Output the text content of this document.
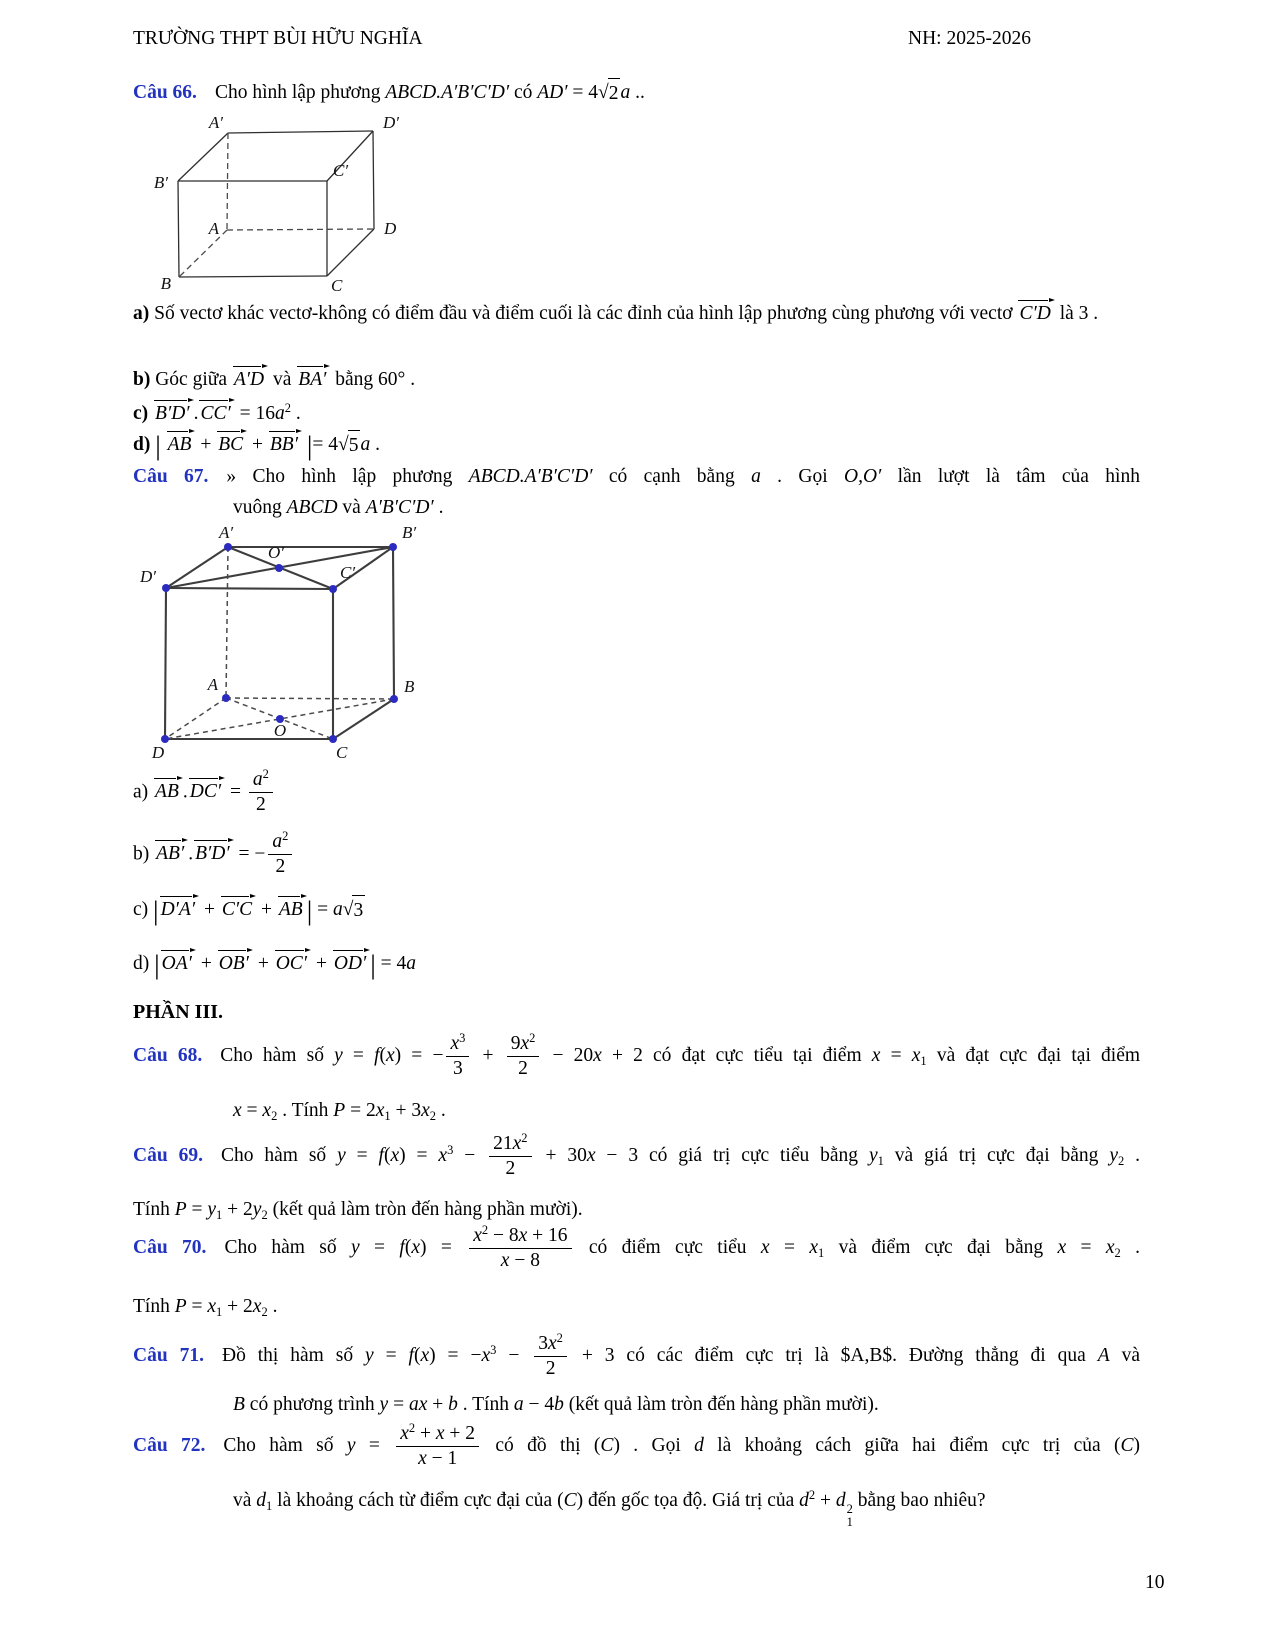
TRƯỜNG THPT BÙI HỮU NGHĨA	NH: 2025-2026
Câu 66. Cho hình lập phương ABCD.A′B′C′D′ có AD′ = 4 √ 2 a ..
A′	D′
B′
C′
A	D
B	C
a) Số vectơ khác vectơ-không có điểm đầu và điểm cuối là các đỉnh của hình lập phương cùng phương với vectơ C′D là 3 .
b) Góc giữa A′D và BA′ bằng 60° .
c) B′D′ . $CC' = 16a^2$ .
d) | AB + BC + BB′ |= 4 √ 5 a .
Câu 67. » Cho hình lập phương ABCD.A′B′C′D′ có cạnh bằng a . Gọi O,O′ lần lượt là tâm của hình
vuông ABCD và A′B′C′D′ .
A′	B′
O′
D′	C′
A	B
O
D	C
a) AB . $DC' = \frac{a^2}{2}$
b) AB′ . B′D′ = − $\frac{a^2}{2}$
c) | D′A′ + C′C + AB | = a √ 3
d) | OA′ + OB′ + OC′ + OD′ | = 4a
PHẦN III.
Câu 68. Cho hàm số y = f(x) = − $\frac{x^3}{3} + \frac{9x^2}{2} - 20x + 2$ có đạt cực tiểu tại điểm $x = x_1$ và đạt cực đại tại điểm
$x = x_2$ . Tính $P = 2x_1 + 3x_2$ .
Câu 69. Cho hàm số $y = f(x) = x^3 - \frac{21x^2}{2} + 30x - 3$ có giá trị cực tiểu bằng $y_1$ và giá trị cực đại bằng $y_2$ .
Tính $P = y_1 + 2y_2$ (kết quả làm tròn đến hàng phần mười).
Câu 70. Cho hàm số $y = f(x) = \frac{x^2 - 8x + 16}{x - 8}$ có điểm cực tiểu $x = x_1$ và điểm cực đại bằng $x = x_2$ .
Tính $P = x_1 + 2x_2$ .
Câu 71. Đồ thị hàm số $y = f(x) = -x^3 - \frac{3x^2}{2} + 3$ có các điểm cực trị là $A,B$. Đường thẳng đi qua A và
B có phương trình y = ax + b . Tính a − 4b (kết quả làm tròn đến hàng phần mười).
Câu 72. Cho hàm số $y = \frac{x^2 + x + 2}{x - 1}$ có đồ thị (C) . Gọi d là khoảng cách giữa hai điểm cực trị của (C)
và $d_1$ là khoảng cách từ điểm cực đại của (C) đến gốc tọa độ. Giá trị của $d^2 + d$ 2
1
bằng bao nhiêu?
10
